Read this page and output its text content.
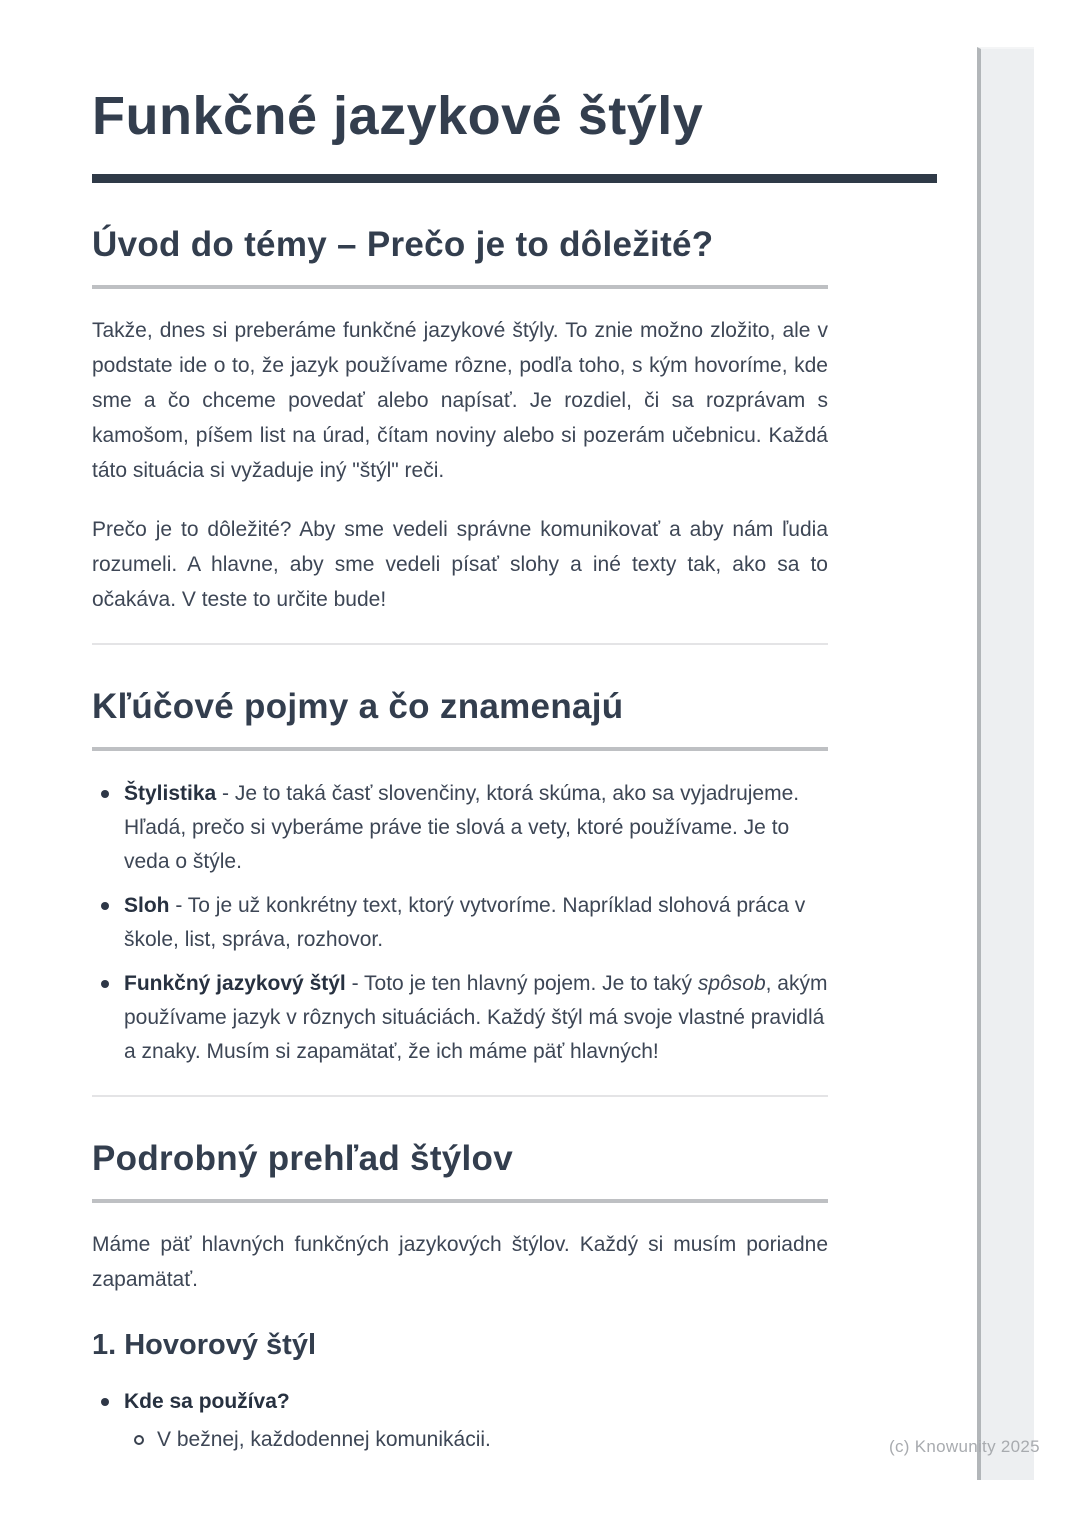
Funkčné jazykové štýly
Úvod do témy – Prečo je to dôležité?

Takže, dnes si preberáme funkčné jazykové štýly. To znie možno zložito, ale v podstate ide o to, že jazyk používame rôzne, podľa toho, s kým hovoríme, kde sme a čo chceme povedať alebo napísať. Je rozdiel, či sa rozprávam s kamošom, píšem list na úrad, čítam noviny alebo si pozerám učebnicu. Každá táto situácia si vyžaduje iný "štýl" reči.

Prečo je to dôležité? Aby sme vedeli správne komunikovať a aby nám ľudia rozumeli. A hlavne, aby sme vedeli písať slohy a iné texty tak, ako sa to očakáva. V teste to určite bude!

Kľúčové pojmy a čo znamenajú
Štylistika - Je to taká časť slovenčiny, ktorá skúma, ako sa vyjadrujeme. Hľadá, prečo si vyberáme práve tie slová a vety, ktoré používame. Je to veda o štýle.
Sloh - To je už konkrétny text, ktorý vytvoríme. Napríklad slohová práca v škole, list, správa, rozhovor.
Funkčný jazykový štýl - Toto je ten hlavný pojem. Je to taký spôsob, akým používame jazyk v rôznych situáciách. Každý štýl má svoje vlastné pravidlá a znaky. Musím si zapamätať, že ich máme päť hlavných!
Podrobný prehľad štýlov

Máme päť hlavných funkčných jazykových štýlov. Každý si musím poriadne zapamätať.

1. Hovorový štýl
Kde sa používa?
V bežnej, každodennej komunikácii.	(c) Knowunity 2025
